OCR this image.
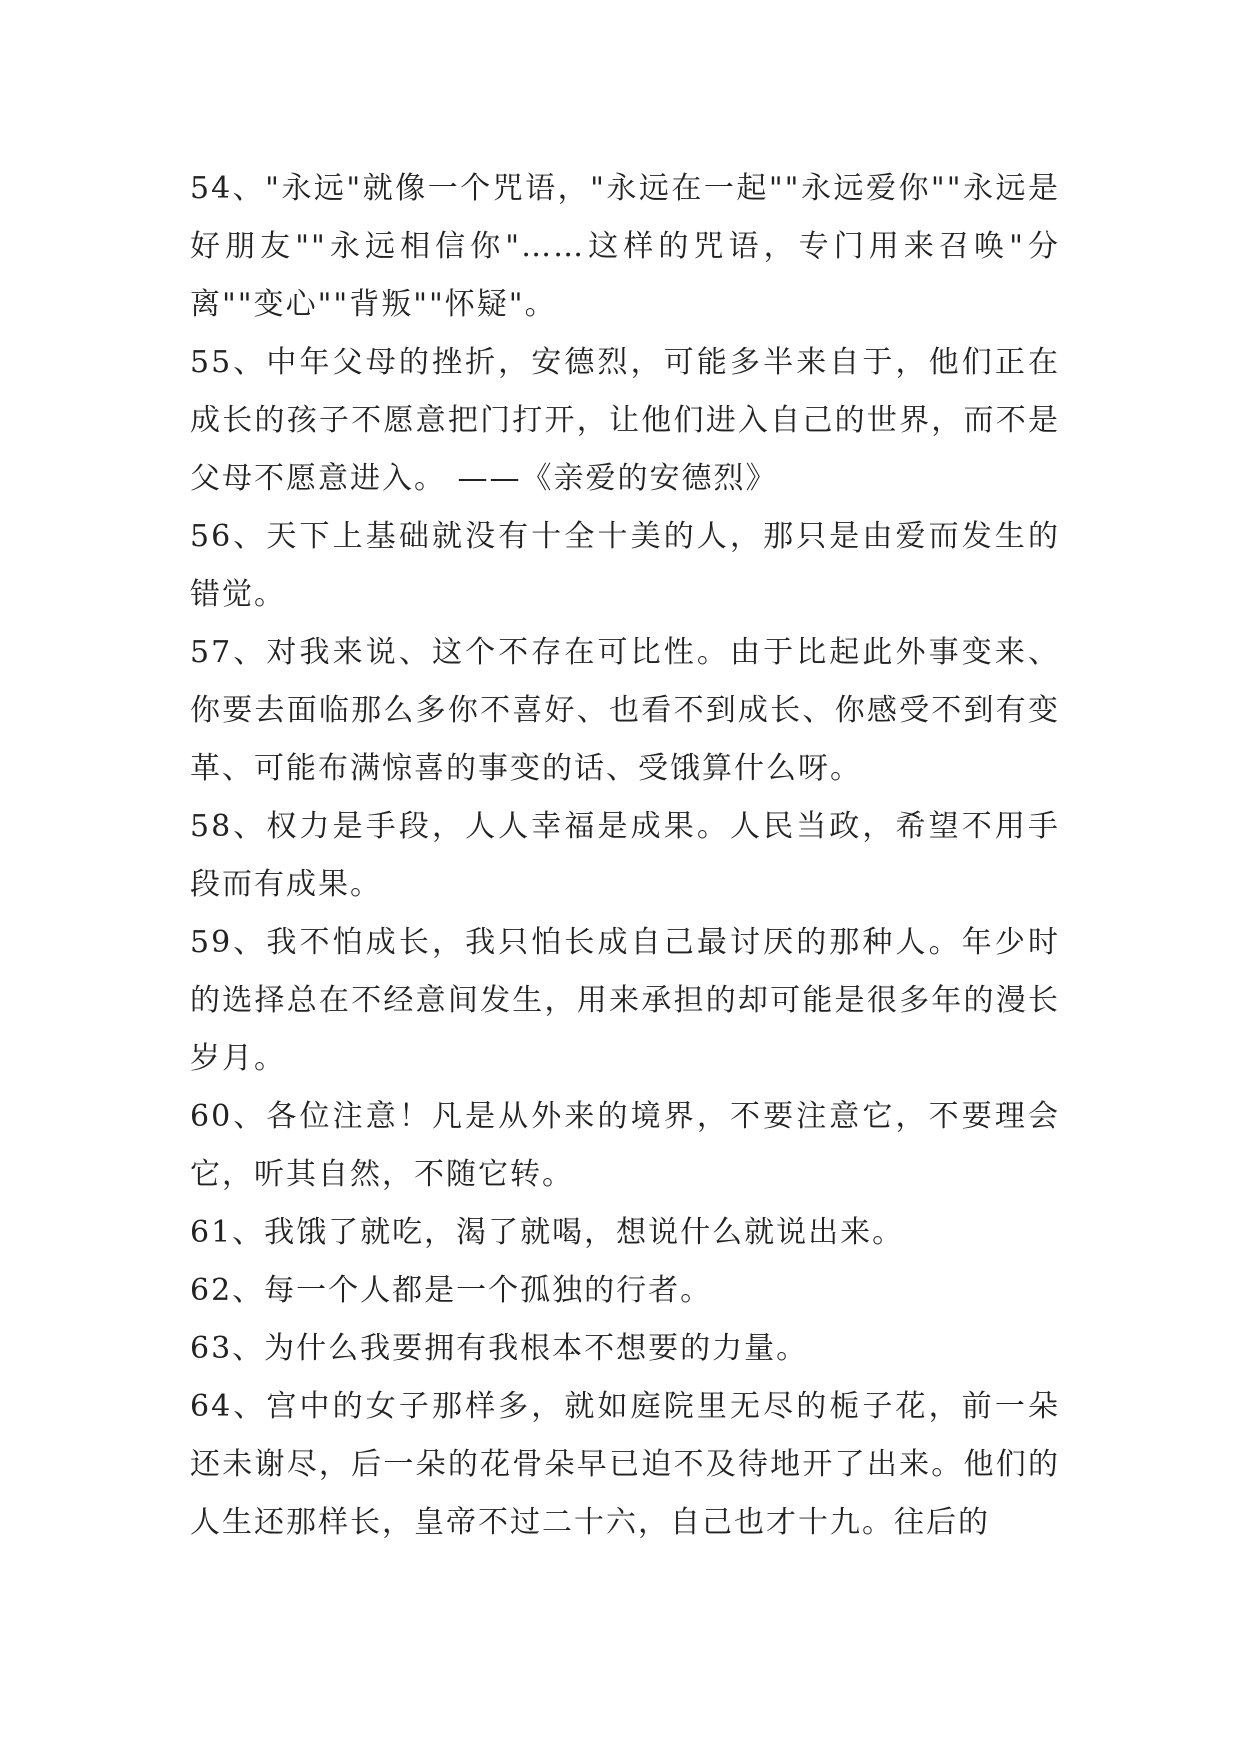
54、"永远"就像一个咒语，"永远在一起""永远爱你""永远是好朋友""永远相信你"……这样的咒语，专门用来召唤"分离""变心""背叛""怀疑"。

55、中年父母的挫折，安德烈，可能多半来自于，他们正在成长的孩子不愿意把门打开，让他们进入自己的世界，而不是父母不愿意进入。 ——《亲爱的安德烈》

56、天下上基础就没有十全十美的人，那只是由爱而发生的错觉。

57、对我来说、这个不存在可比性。由于比起此外事变来、你要去面临那么多你不喜好、也看不到成长、你感受不到有变革、可能布满惊喜的事变的话、受饿算什么呀。

58、权力是手段，人人幸福是成果。人民当政，希望不用手段而有成果。

59、我不怕成长，我只怕长成自己最讨厌的那种人。年少时的选择总在不经意间发生，用来承担的却可能是很多年的漫长岁月。

60、各位注意！凡是从外来的境界，不要注意它，不要理会它，听其自然，不随它转。

61、我饿了就吃，渴了就喝，想说什么就说出来。

62、每一个人都是一个孤独的行者。

63、为什么我要拥有我根本不想要的力量。

64、宫中的女子那样多，就如庭院里无尽的栀子花，前一朵还未谢尽，后一朵的花骨朵早已迫不及待地开了出来。他们的人生还那样长，皇帝不过二十六，自己也才十九。往后的
